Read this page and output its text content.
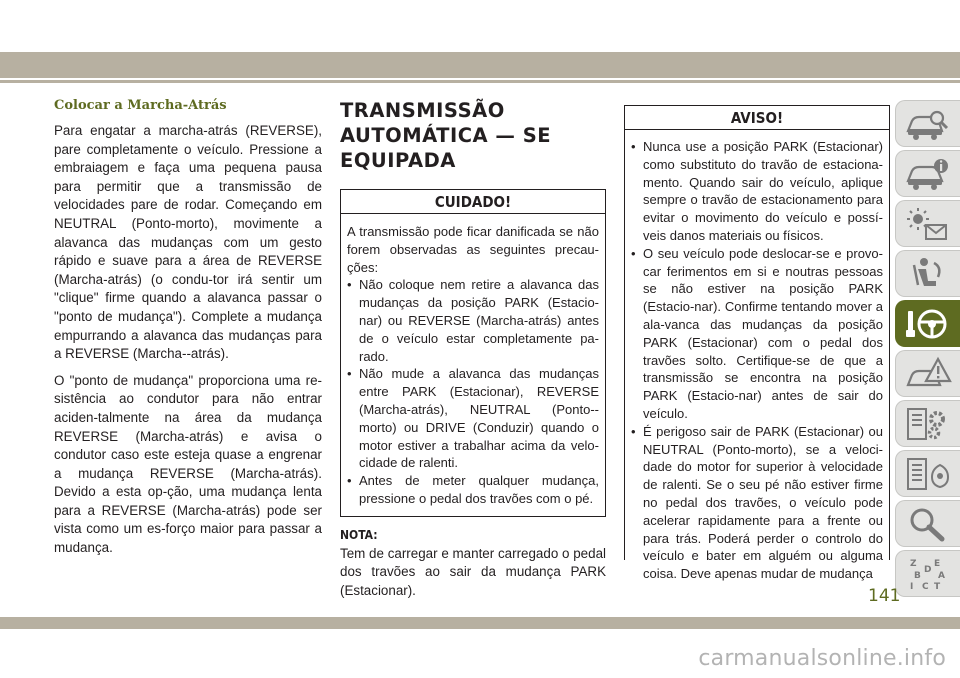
Colocar a Marcha-Atrás

Para engatar a marcha-atrás (REVERSE), pare completamente o veículo. Pressione a embraiagem e faça uma pequena pausa para permitir que a transmissão de velocidades pare de rodar. Começando em NEUTRAL (Ponto-morto), movimente a alavanca das mudanças com um gesto rápido e suave para a área de REVERSE (Marcha-atrás) (o condu-tor irá sentir um "clique" firme quando a alavanca passar o "ponto de mudança"). Complete a mudança empurrando a alavanca das mudanças para a REVERSE (Marcha--atrás).

O "ponto de mudança" proporciona uma re-sistência ao condutor para não entrar aciden-talmente na área da mudança REVERSE (Marcha-atrás) e avisa o condutor caso este esteja quase a engrenar a mudança REVERSE (Marcha-atrás). Devido a esta op-ção, uma mudança lenta para a REVERSE (Marcha-atrás) pode ser vista como um es-forço maior para passar a mudança.

TRANSMISSÃO
AUTOMÁTICA — SE
EQUIPADA
CUIDADO!
A transmissão pode ficar danificada se não forem observadas as seguintes precau-ções:
• Não coloque nem retire a alavanca das mudanças da posição PARK (Estacio-nar) ou REVERSE (Marcha-atrás) antes de o veículo estar completamente pa-rado.
• Não mude a alavanca das mudanças entre PARK (Estacionar), REVERSE (Marcha-atrás), NEUTRAL (Ponto--morto) ou DRIVE (Conduzir) quando o motor estiver a trabalhar acima da velo-cidade de ralenti.
• Antes de meter qualquer mudança, pressione o pedal dos travões com o pé.
NOTA:
Tem de carregar e manter carregado o pedal dos travões ao sair da mudança PARK (Estacionar).
AVISO!
• Nunca use a posição PARK (Estacionar) como substituto do travão de estaciona-mento. Quando sair do veículo, aplique sempre o travão de estacionamento para evitar o movimento do veículo e possí-veis danos materiais ou físicos.
• O seu veículo pode deslocar-se e provo-car ferimentos em si e noutras pessoas se não estiver na posição PARK (Estacio-nar). Confirme tentando mover a ala-vanca das mudanças da posição PARK (Estacionar) com o pedal dos travões solto. Certifique-se de que a transmissão se encontra na posição PARK (Estacio-nar) antes de sair do veículo.
• É perigoso sair de PARK (Estacionar) ou NEUTRAL (Ponto-morto), se a veloci-dade do motor for superior à velocidade de ralenti. Se o seu pé não estiver firme no pedal dos travões, o veículo pode acelerar rapidamente para a frente ou para trás. Poderá perder o controlo do veículo e bater em alguém ou alguma coisa. Deve apenas mudar de mudança
Z E
B A
D
I C T
141
carmanualsonline.info
